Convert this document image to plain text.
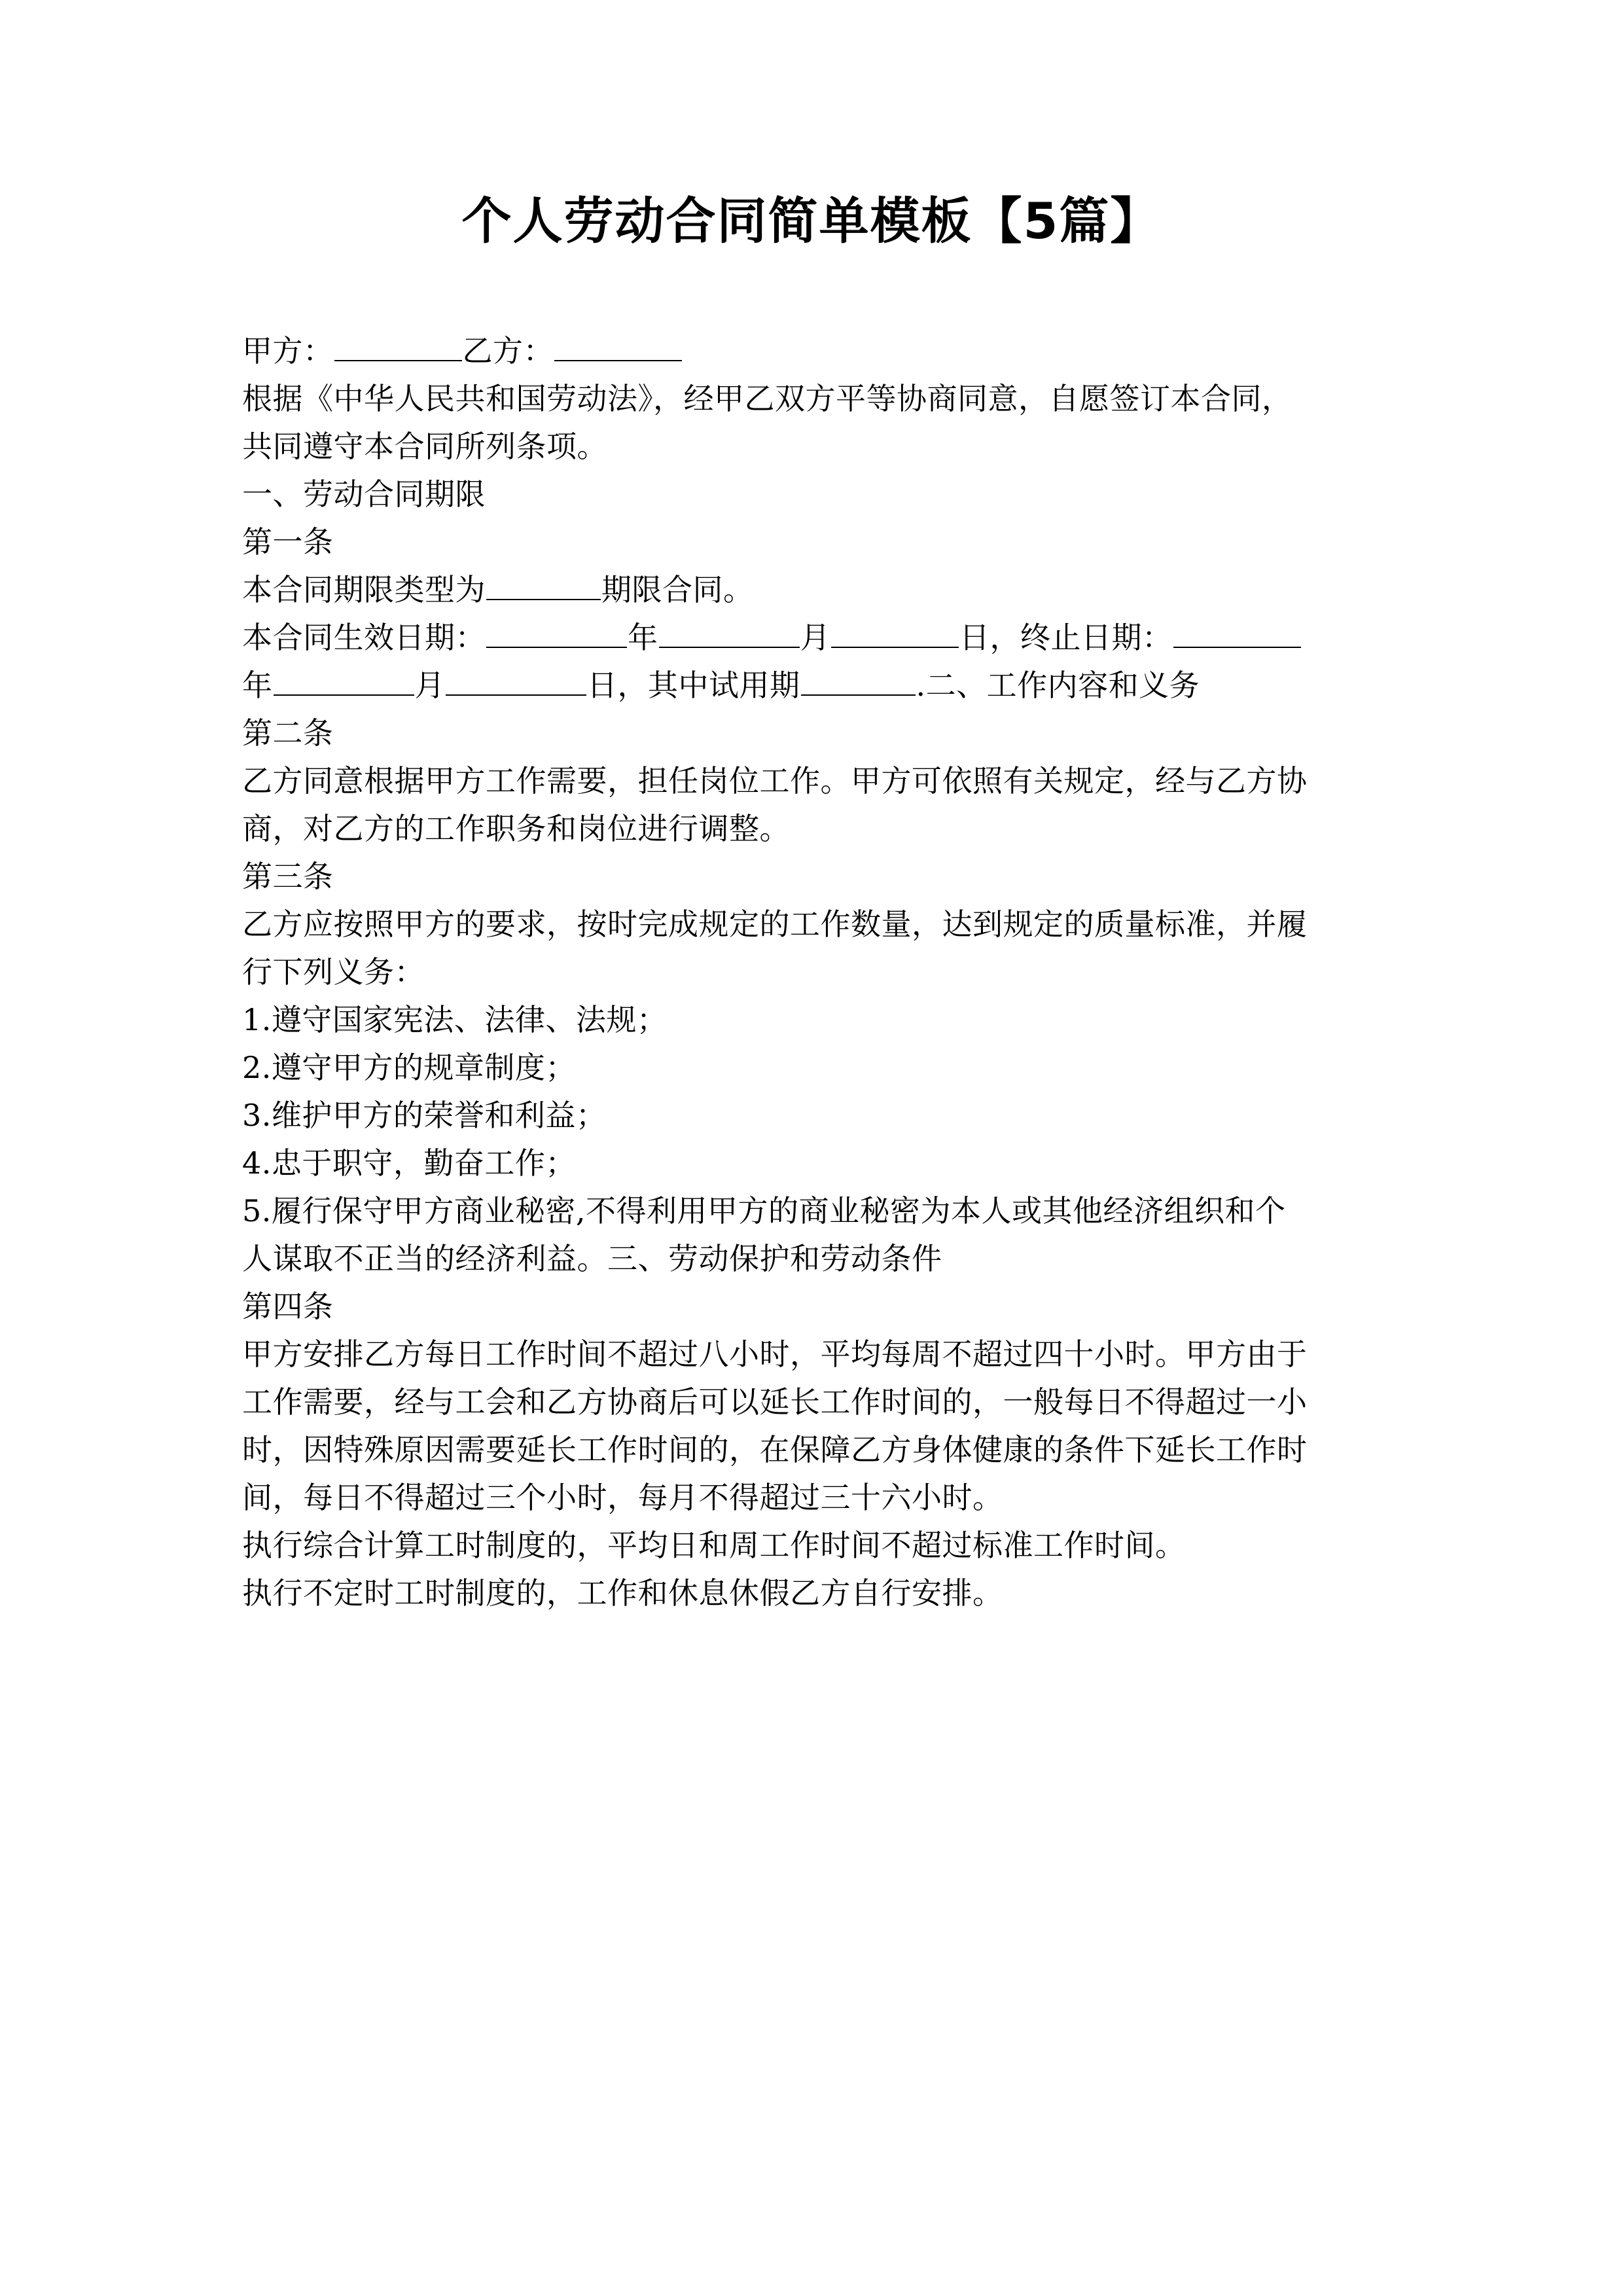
个人劳动合同简单模板【5篇】
甲方：	乙方：
根据《中华人民共和国劳动法》，经甲乙双方平等协商同意，自愿签订本合同，
共同遵守本合同所列条项。
一、劳动合同期限
第一条
本合同期限类型为	期限合同。
本合同生效日期：	年	月	日，终止日期：
年	月	日，其中试用期	.二、工作内容和义务
第二条
乙方同意根据甲方工作需要，担任岗位工作。甲方可依照有关规定，经与乙方协
商，对乙方的工作职务和岗位进行调整。
第三条
乙方应按照甲方的要求，按时完成规定的工作数量，达到规定的质量标准，并履
行下列义务：
1.遵守国家宪法、法律、法规；
2.遵守甲方的规章制度；
3.维护甲方的荣誉和利益；
4.忠于职守，勤奋工作；
5.履行保守甲方商业秘密,不得利用甲方的商业秘密为本人或其他经济组织和个
人谋取不正当的经济利益。三、劳动保护和劳动条件
第四条
甲方安排乙方每日工作时间不超过八小时，平均每周不超过四十小时。甲方由于
工作需要，经与工会和乙方协商后可以延长工作时间的，一般每日不得超过一小
时，因特殊原因需要延长工作时间的，在保障乙方身体健康的条件下延长工作时
间，每日不得超过三个小时，每月不得超过三十六小时。
执行综合计算工时制度的，平均日和周工作时间不超过标准工作时间。
执行不定时工时制度的，工作和休息休假乙方自行安排。
